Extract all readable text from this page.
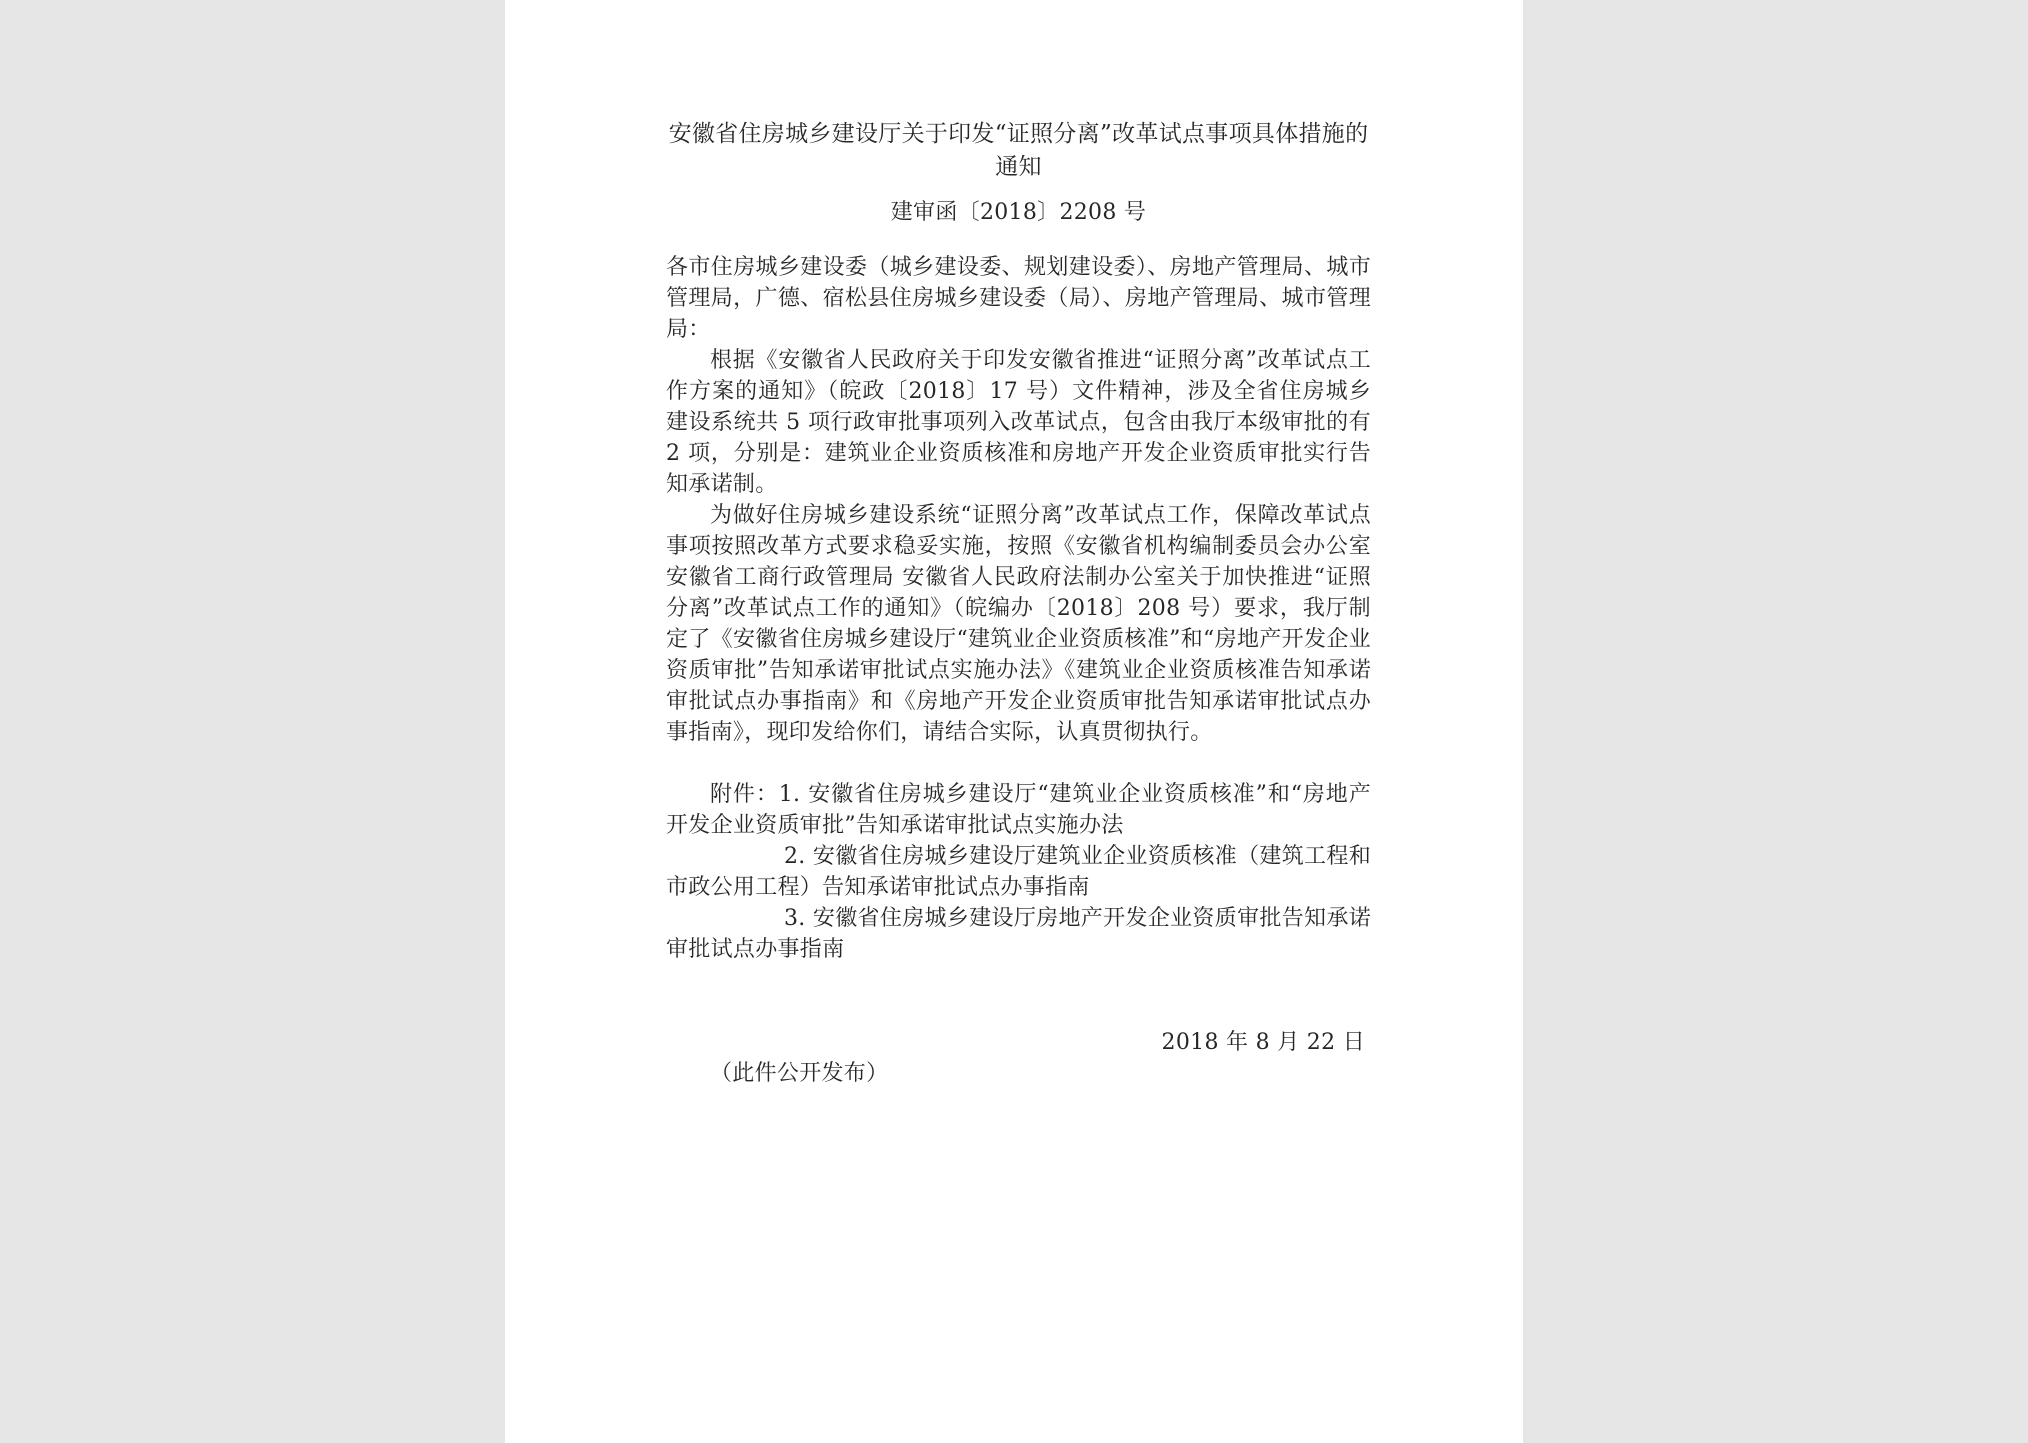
安徽省住房城乡建设厅关于印发“证照分离”改革试点事项具体措施的通知

建审函〔2018〕2208 号

各市住房城乡建设委（城乡建设委、规划建设委）、房地产管理局、城市管理局，广德、宿松县住房城乡建设委（局）、房地产管理局、城市管理局：

根据《安徽省人民政府关于印发安徽省推进“证照分离”改革试点工作方案的通知》（皖政〔2018〕17 号）文件精神，涉及全省住房城乡建设系统共 5 项行政审批事项列入改革试点，包含由我厅本级审批的有 2 项，分别是：建筑业企业资质核准和房地产开发企业资质审批实行告知承诺制。

为做好住房城乡建设系统“证照分离”改革试点工作，保障改革试点事项按照改革方式要求稳妥实施，按照《安徽省机构编制委员会办公室 安徽省工商行政管理局 安徽省人民政府法制办公室关于加快推进“证照分离”改革试点工作的通知》（皖编办〔2018〕208 号）要求，我厅制定了《安徽省住房城乡建设厅“建筑业企业资质核准”和“房地产开发企业资质审批”告知承诺审批试点实施办法》《建筑业企业资质核准告知承诺审批试点办事指南》和《房地产开发企业资质审批告知承诺审批试点办事指南》，现印发给你们，请结合实际，认真贯彻执行。

附件：1. 安徽省住房城乡建设厅“建筑业企业资质核准”和“房地产开发企业资质审批”告知承诺审批试点实施办法

2. 安徽省住房城乡建设厅建筑业企业资质核准（建筑工程和市政公用工程）告知承诺审批试点办事指南

3. 安徽省住房城乡建设厅房地产开发企业资质审批告知承诺审批试点办事指南

2018 年 8 月 22 日

（此件公开发布）
